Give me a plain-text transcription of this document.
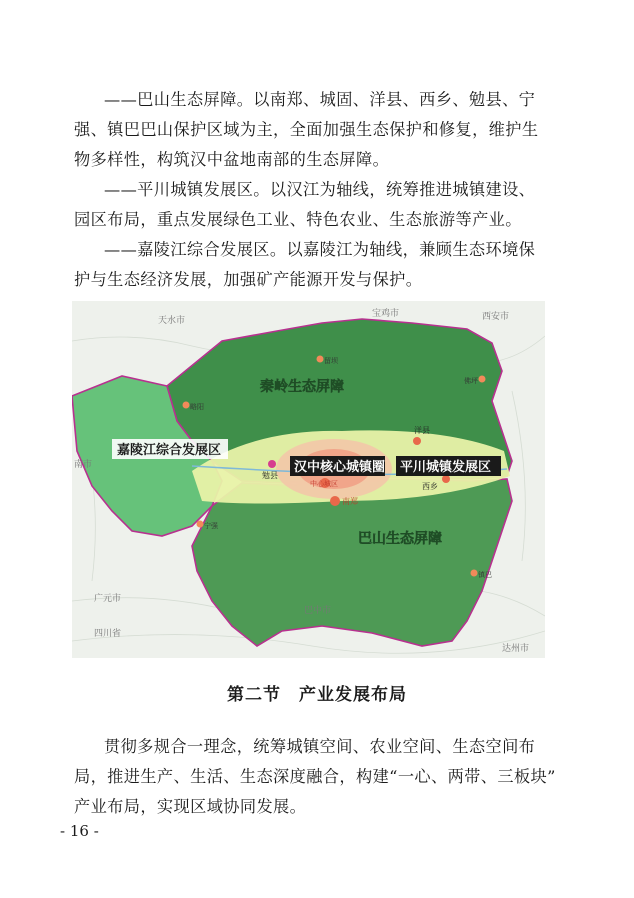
——巴山生态屏障。以南郑、城固、洋县、西乡、勉县、宁
强、镇巴巴山保护区域为主，全面加强生态保护和修复，维护生
物多样性，构筑汉中盆地南部的生态屏障。
——平川城镇发展区。以汉江为轴线，统筹推进城镇建设、
园区布局，重点发展绿色工业、特色农业、生态旅游等产业。
——嘉陵江综合发展区。以嘉陵江为轴线，兼顾生态环境保
护与生态经济发展，加强矿产能源开发与保护。
天水市
宝鸡市	西安市
南市
广元市
巴中市
四川省
达州市
勉县
洋县
西乡
南郑
中心城区
略阳
宁强
留坝
佛坪
镇巴
秦岭生态屏障
嘉陵江综合发展区
汉中核心城镇圈 平川城镇发展区
巴山生态屏障
第二节　产业发展布局
贯彻多规合一理念，统筹城镇空间、农业空间、生态空间布
局，推进生产、生活、生态深度融合，构建“一心、两带、三板块”
产业布局，实现区域协同发展。
- 16 -
